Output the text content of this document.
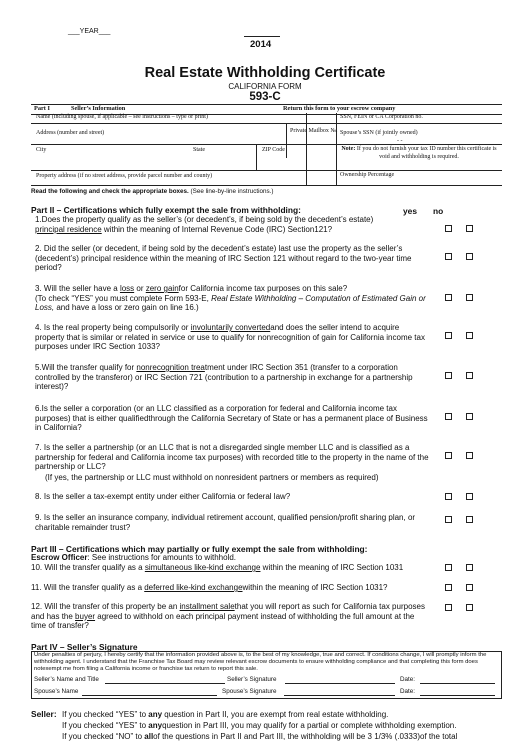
___YEAR___
2014
Real Estate Withholding Certificate
CALIFORNIA FORM
593-C
Part I	Seller’s Information	Return this form to your escrow company
Name (including spouse, if applicable – see instructions – type or print)	SSN, FEIN or CA Corporation no.
Address (number and street)	Private Mailbox №. Spouse’s SSN (if jointly owned)
- -
City	State	ZIP Code	Note: If you do not furnish your tax ID number this certificate is void and withholding is required.
Property address (if no street address, provide parcel number and county)	Ownership Percentage
Read the following and check the appropriate boxes. (See line-by-line instructions.)
Part II – Certifications which fully exempt the sale from withholding:	yes no
1.Does the property qualify as the seller’s (or decedent’s, if being sold by the decedent’s estate)
principal residence within the meaning of Internal Revenue Code (IRC) Section121?
2. Did the seller (or decedent, if being sold by the decedent’s estate) last use the property as the seller’s (decedent’s) principal residence within the meaning of IRC Section 121 without regard to the two-year time period?
3. Will the seller have a loss or zero gainfor California income tax purposes on this sale?
(To check “YES” you must complete Form 593-E, Real Estate Withholding – Computation of Estimated Gain or Loss, and have a loss or zero gain on line 16.)
4. Is the real property being compulsorily or involuntarily convertedand does the seller intend to acquire property that is similar or related in service or use to qualify for nonrecognition of gain for California income tax purposes under IRC Section 1033?
5.Will the transfer qualify for nonrecognition treatment under IRC Section 351 (transfer to a corporation controlled by the transferor) or IRC Section 721 (contribution to a partnership in exchange for a partnership interest)?
6.Is the seller a corporation (or an LLC classified as a corporation for federal and California income tax purposes) that is either qualifiedthrough the California Secretary of State or has a permanent place of Business in California?
7. Is the seller a partnership (or an LLC that is not a disregarded single member LLC and is classified as a partnership for federal and California income tax purposes) with recorded title to the property in the name of the partnership or LLC?
(If yes, the partnership or LLC must withhold on nonresident partners or members as required)
8. Is the seller a tax-exempt entity under either California or federal law?
9. Is the seller an insurance company, individual retirement account, qualified pension/profit sharing plan, or charitable remainder trust?
Part III – Certifications which may partially or fully exempt the sale from withholding:
Escrow Officer: See instructions for amounts to withhold.
10. Will the transfer qualify as a simultaneous like-kind exchange within the meaning of IRC Section 1031
11. Will the transfer qualify as a deferred like-kind exchangewithin the meaning of IRC Section 1031?
12. Will the transfer of this property be an installment salethat you will report as such for California tax purposes and has the buyer agreed to withhold on each principal payment instead of withholding the full amount at the time of transfer?
Part IV – Seller’s Signature
Under penalties of perjury, I hereby certify that the information provided above is, to the best of my knowledge, true and correct. If conditions change, I will promptly inform the withholding agent. I understand that the Franchise Tax Board may review relevant escrow documents to ensure withholding compliance and that completing this form does notexempt me from filing a California income or franchise tax return to report this sale.
Seller’s Name and Title	Seller’s Signature	Date:
Spouse’s Name	Spouse’s Signature	Date:
Seller: If you checked “YES” to any question in Part II, you are exempt from real estate withholding.
If you checked “YES” to anyquestion in Part III, you may qualify for a partial or complete withholding exemption.
If you checked “NO” to allof the questions in Part II and Part III, the withholding will be 3 1/3% (.0333)of the total
